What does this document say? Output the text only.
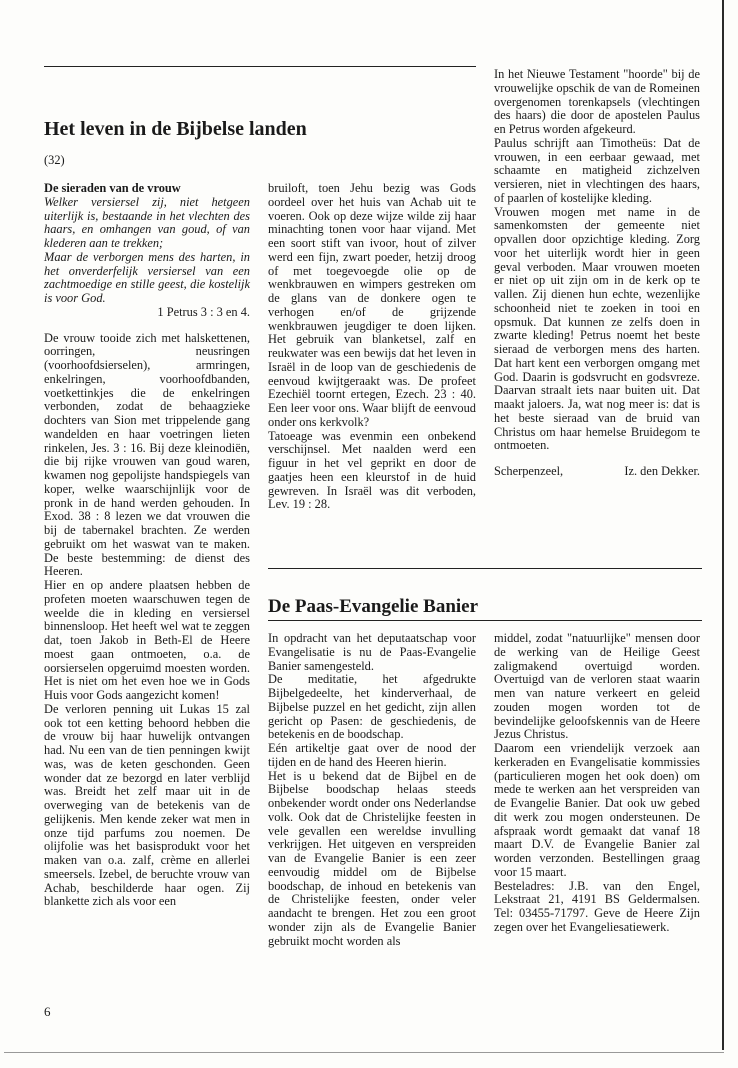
Het leven in de Bijbelse landen
(32)

De sieraden van de vrouw

Welker versiersel zij, niet hetgeen uiterlijk is, bestaande in het vlechten des haars, en omhangen van goud, of van klederen aan te trekken;

Maar de verborgen mens des harten, in het onverderfelijk versiersel van een zachtmoedige en stille geest, die kostelijk is voor God.

1 Petrus 3 : 3 en 4.

De vrouw tooide zich met halskettenen, oorringen, neusringen (voorhoofdsierselen), armringen, enkelringen, voorhoofdbanden, voetkettinkjes die de enkelringen verbonden, zodat de behaagzieke dochters van Sion met trippelende gang wandelden en haar voetringen lieten rinkelen, Jes. 3 : 16. Bij deze kleinodiën, die bij rijke vrouwen van goud waren, kwamen nog gepolijste handspiegels van koper, welke waarschijnlijk voor de pronk in de hand werden gehouden. In Exod. 38 : 8 lezen we dat vrouwen die bij de tabernakel brachten. Ze werden gebruikt om het waswat van te maken. De beste bestemming: de dienst des Heeren.

Hier en op andere plaatsen hebben de profeten moeten waarschuwen tegen de weelde die in kleding en versiersel binnensloop. Het heeft wel wat te zeggen dat, toen Jakob in Beth-El de Heere moest gaan ontmoeten, o.a. de oorsierselen opgeruimd moesten worden. Het is niet om het even hoe we in Gods Huis voor Gods aangezicht komen!

De verloren penning uit Lukas 15 zal ook tot een ketting behoord hebben die de vrouw bij haar huwelijk ontvangen had. Nu een van de tien penningen kwijt was, was de keten geschonden. Geen wonder dat ze bezorgd en later verblijd was. Breidt het zelf maar uit in de overweging van de betekenis van de gelijkenis. Men kende zeker wat men in onze tijd parfums zou noemen. De olijfolie was het basisprodukt voor het maken van o.a. zalf, crème en allerlei smeersels. Izebel, de beruchte vrouw van Achab, beschilderde haar ogen. Zij blankette zich als voor een

bruiloft, toen Jehu bezig was Gods oordeel over het huis van Achab uit te voeren. Ook op deze wijze wilde zij haar minachting tonen voor haar vijand. Met een soort stift van ivoor, hout of zilver werd een fijn, zwart poeder, hetzij droog of met toegevoegde olie op de wenkbrauwen en wimpers gestreken om de glans van de donkere ogen te verhogen en/of de grijzende wenkbrauwen jeugdiger te doen lijken. Het gebruik van blanketsel, zalf en reukwater was een bewijs dat het leven in Israël in de loop van de geschiedenis de eenvoud kwijtgeraakt was. De profeet Ezechiël toornt ertegen, Ezech. 23 : 40. Een leer voor ons. Waar blijft de eenvoud onder ons kerkvolk?

Tatoeage was evenmin een onbekend verschijnsel. Met naalden werd een figuur in het vel geprikt en door de gaatjes heen een kleurstof in de huid gewreven. In Israël was dit verboden, Lev. 19 : 28.

In het Nieuwe Testament "hoorde" bij de vrouwelijke opschik de van de Romeinen overgenomen torenkapsels (vlechtingen des haars) die door de apostelen Paulus en Petrus worden afgekeurd.

Paulus schrijft aan Timotheüs: Dat de vrouwen, in een eerbaar gewaad, met schaamte en matigheid zichzelven versieren, niet in vlechtingen des haars, of paarlen of kostelijke kleding.

Vrouwen mogen met name in de samenkomsten der gemeente niet opvallen door opzichtige kleding. Zorg voor het uiterlijk wordt hier in geen geval verboden. Maar vrouwen moeten er niet op uit zijn om in de kerk op te vallen. Zij dienen hun echte, wezenlijke schoonheid niet te zoeken in tooi en opsmuk. Dat kunnen ze zelfs doen in zwarte kleding! Petrus noemt het beste sieraad de verborgen mens des harten. Dat hart kent een verborgen omgang met God. Daarin is godsvrucht en godsvreze. Daarvan straalt iets naar buiten uit. Dat maakt jaloers. Ja, wat nog meer is: dat is het beste sieraad van de bruid van Christus om haar hemelse Bruidegom te ontmoeten.

Scherpenzeel,	Iz. den Dekker.

De Paas-Evangelie Banier

In opdracht van het deputaatschap voor Evangelisatie is nu de Paas-Evangelie Banier samengesteld.

De meditatie, het afgedrukte Bijbelgedeelte, het kinderverhaal, de Bijbelse puzzel en het gedicht, zijn allen gericht op Pasen: de geschiedenis, de betekenis en de boodschap.

Eén artikeltje gaat over de nood der tijden en de hand des Heeren hierin.

Het is u bekend dat de Bijbel en de Bijbelse boodschap helaas steeds onbekender wordt onder ons Nederlandse volk. Ook dat de Christelijke feesten in vele gevallen een wereldse invulling verkrijgen. Het uitgeven en verspreiden van de Evangelie Banier is een zeer eenvoudig middel om de Bijbelse boodschap, de inhoud en betekenis van de Christelijke feesten, onder veler aandacht te brengen. Het zou een groot wonder zijn als de Evangelie Banier gebruikt mocht worden als

middel, zodat "natuurlijke" mensen door de werking van de Heilige Geest zaligmakend overtuigd worden. Overtuigd van de verloren staat waarin men van nature verkeert en geleid zouden mogen worden tot de bevindelijke geloofskennis van de Heere Jezus Christus.

Daarom een vriendelijk verzoek aan kerkeraden en Evangelisatie kommissies (particulieren mogen het ook doen) om mede te werken aan het verspreiden van de Evangelie Banier. Dat ook uw gebed dit werk zou mogen ondersteunen. De afspraak wordt gemaakt dat vanaf 18 maart D.V. de Evangelie Banier zal worden verzonden. Bestellingen graag voor 15 maart.

Besteladres: J.B. van den Engel, Lekstraat 21, 4191 BS Geldermalsen. Tel: 03455-71797. Geve de Heere Zijn zegen over het Evangeliesatiewerk.

6
